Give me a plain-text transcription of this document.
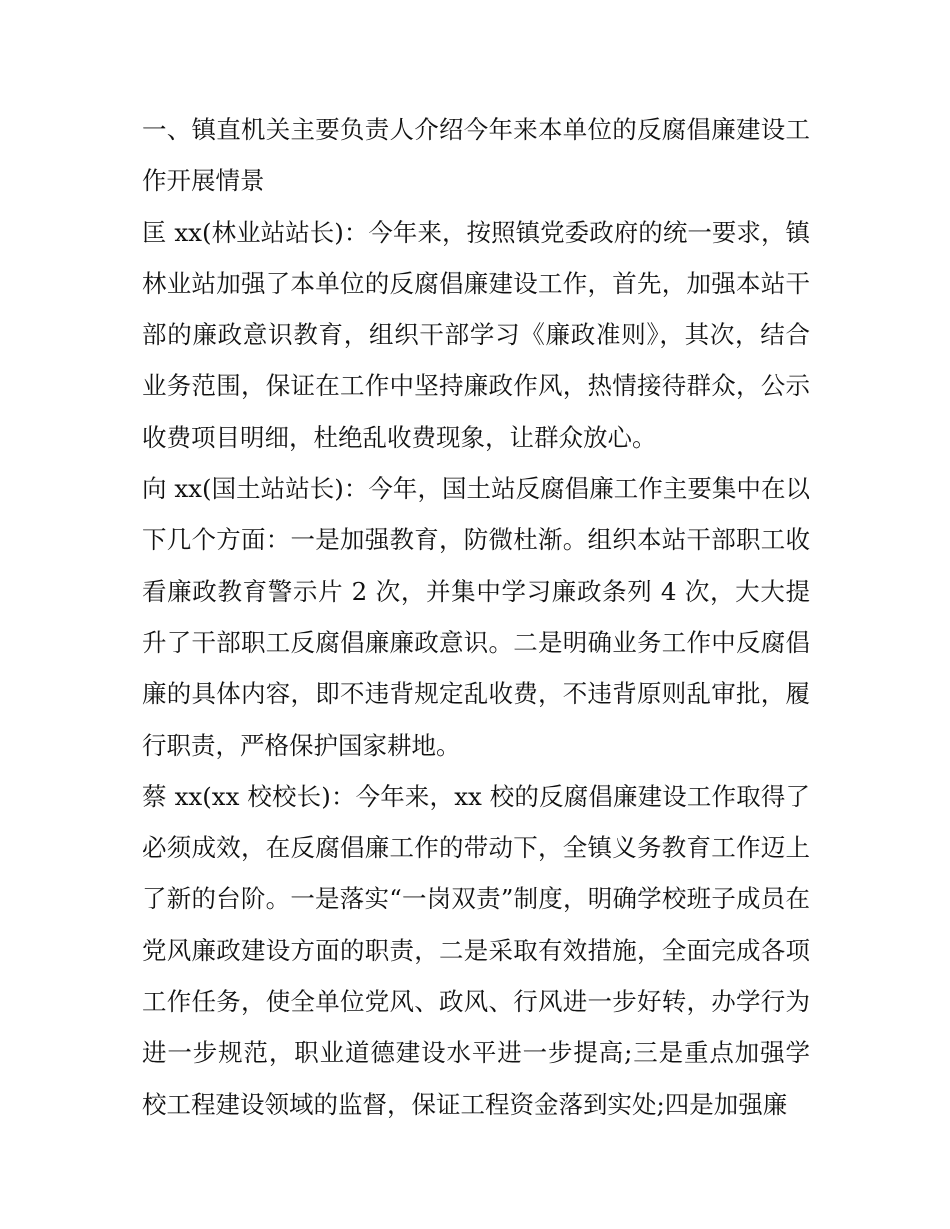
一、镇直机关主要负责人介绍今年来本单位的反腐倡廉建设工作开展情景

匡 xx(林业站站长)：今年来，按照镇党委政府的统一要求，镇林业站加强了本单位的反腐倡廉建设工作，首先，加强本站干部的廉政意识教育，组织干部学习《廉政准则》，其次，结合业务范围，保证在工作中坚持廉政作风，热情接待群众，公示收费项目明细，杜绝乱收费现象，让群众放心。

向 xx(国土站站长)：今年，国土站反腐倡廉工作主要集中在以下几个方面：一是加强教育，防微杜渐。组织本站干部职工收看廉政教育警示片 2 次，并集中学习廉政条列 4 次，大大提升了干部职工反腐倡廉廉政意识。二是明确业务工作中反腐倡廉的具体内容，即不违背规定乱收费，不违背原则乱审批，履行职责，严格保护国家耕地。

蔡 xx(xx 校校长)：今年来，xx 校的反腐倡廉建设工作取得了必须成效，在反腐倡廉工作的带动下，全镇义务教育工作迈上了新的台阶。一是落实“一岗双责”制度，明确学校班子成员在党风廉政建设方面的职责，二是采取有效措施，全面完成各项工作任务，使全单位党风、政风、行风进一步好转，办学行为进一步规范，职业道德建设水平进一步提高;三是重点加强学校工程建设领域的监督，保证工程资金落到实处;四是加强廉
